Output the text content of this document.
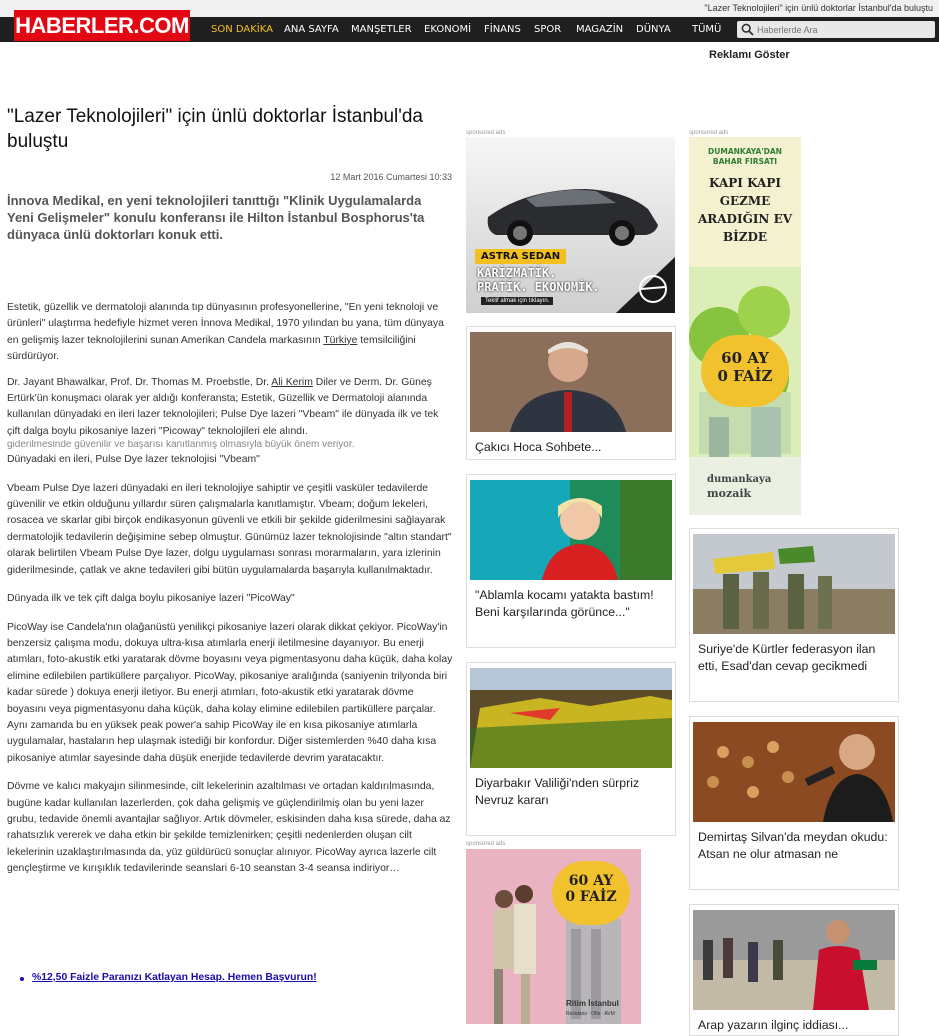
"Lazer Teknolojileri" için ünlü doktorlar İstanbul'da buluştu
HABERLER.COM SON DAKİKA ANA SAYFA MANŞETLER EKONOMİ FİNANS SPOR MAGAZİN DÜNYA TÜMÜ
Haberlerde Ara
Reklamı Göster
"Lazer Teknolojileri" için ünlü doktorlar İstanbul'da buluştu
12 Mart 2016 Cumartesi 10:33

İnnova Medikal, en yeni teknolojileri tanıttığı "Klinik Uygulamalarda Yeni Gelişmeler" konulu konferansı ile Hilton İstanbul Bosphorus'ta dünyaca ünlü doktorları konuk etti.

Estetik, güzellik ve dermatoloji alanında tıp dünyasının profesyonellerine, "En yeni teknoloji ve ürünleri" ulaştırma hedefiyle hizmet veren İnnova Medikal, 1970 yılından bu yana, tüm dünyaya en gelişmiş lazer teknolojilerini sunan Amerikan Candela markasının Türkiye temsilciliğini sürdürüyor.

Dr. Jayant Bhawalkar, Prof. Dr. Thomas M. Proebstle, Dr. Ali Kerim Diler ve Derm. Dr. Güneş Ertürk'ün konuşmacı olarak yer aldığı konferansta; Estetik, Güzellik ve Dermatoloji alanında kullanılan dünyadaki en ileri lazer teknolojileri; Pulse Dye lazeri "Vbeam" ile dünyada ilk ve tek çift dalga boylu pikosaniye lazeri "Picoway" teknolojileri ele alındı.

Dünyadaki en ileri, Pulse Dye lazer teknolojisi "Vbeam"

Vbeam Pulse Dye lazeri dünyadaki en ileri teknolojiye sahiptir ve çeşitli vasküler tedavilerde güvenilir ve etkin olduğunu yıllardır süren çalışmalarla kanıtlamıştır. Vbeam; doğum lekeleri, rosacea ve skarlar gibi birçok endikasyonun güvenli ve etkili bir şekilde giderilmesini sağlayarak dermatolojik tedavilerin değişimine sebep olmuştur. Günümüz lazer teknolojisinde "altın standart" olarak belirtilen Vbeam Pulse Dye lazer, dolgu uygulaması sonrası morarmaların, yara izlerinin giderilmesinde, çatlak ve akne tedavileri gibi bütün uygulamalarda başarıyla kullanılmaktadır.

Dünyada ilk ve tek çift dalga boylu pikosaniye lazeri "PicoWay"

PicoWay ise Candela'nın olağanüstü yenilikçi pikosaniye lazeri olarak dikkat çekiyor. PicoWay'in benzersiz çalışma modu, dokuya ultra-kısa atımlarla enerji iletilmesine dayanıyor. Bu enerji atımları, foto-akustik etki yaratarak dövme boyasını veya pigmentasyonu daha küçük, daha kolay elimine edilebilen partiküllere parçalıyor. PicoWay, pikosaniye aralığında (saniyenin trilyonda biri kadar sürede ) dokuya enerji iletiyor. Bu enerji atımları, foto-akustik etki yaratarak dövme boyasını veya pigmentasyonu daha küçük, daha kolay elimine edilebilen partiküllere parçalar. Aynı zamanda bu en yüksek peak power'a sahip PicoWay ile en kısa pikosaniye atımlarla uygulamalar, hastaların hep ulaşmak istediği bir konfordur. Diğer sistemlerden %40 daha kısa pikosaniye atımlar sayesinde daha düşük enerjide tedavilerde devrim yaratacaktır.

Dövme ve kalıcı makyajın silinmesinde, cilt lekelerinin azaltılması ve ortadan kaldırılmasında, bugüne kadar kullanılan lazerlerden, çok daha gelişmiş ve güçlendirilmiş olan bu yeni lazer grubu, tedavide önemli avantajlar sağlıyor. Artık dövmeler, eskisinden daha kısa sürede, daha az rahatsızlık vererek ve daha etkin bir şekilde temizlenirken; çeşitli nedenlerden oluşan cilt lekelerinin uzaklaştırılmasında da, yüz güldürücü sonuçlar alınıyor. PicoWay ayrıca lazerle cilt gençleştirme ve kırışıklık tedavilerinde seanslari 6-10 seanstan 3-4 seansa indiriyor…

giderilmesinde güvenilir ve başarısı kanıtlanmış olmasıyla büyük önem veriyor.
%12,50 Faizle Paranızı Katlayan Hesap. Hemen Başvurun!
sponsored ads	sponsored ads
sponsored ads
ASTRA SEDAN
KARİZMATİK.
PRATİK. EKONOMİK.
Teklif almak için tıklayın.
DUMANKAYA'DAN
BAHAR FIRSATI
KAPI KAPI
GEZME
ARADIĞIN EV
BİZDE
60 AY
0 FAİZ
dumankaya
mozaik
60 AY
0 FAİZ
Ritim İstanbul
Residans · Ofis · AVM
Çakıcı Hoca Sohbete...
"Ablamla kocamı yatakta bastım! Beni karşılarında görünce..."
Diyarbakır Valiliği'nden sürpriz Nevruz kararı
Suriye'de Kürtler federasyon ilan etti, Esad'dan cevap gecikmedi
Demirtaş Silvan'da meydan okudu: Atsan ne olur atmasan ne
Arap yazarın ilginç iddiası...
